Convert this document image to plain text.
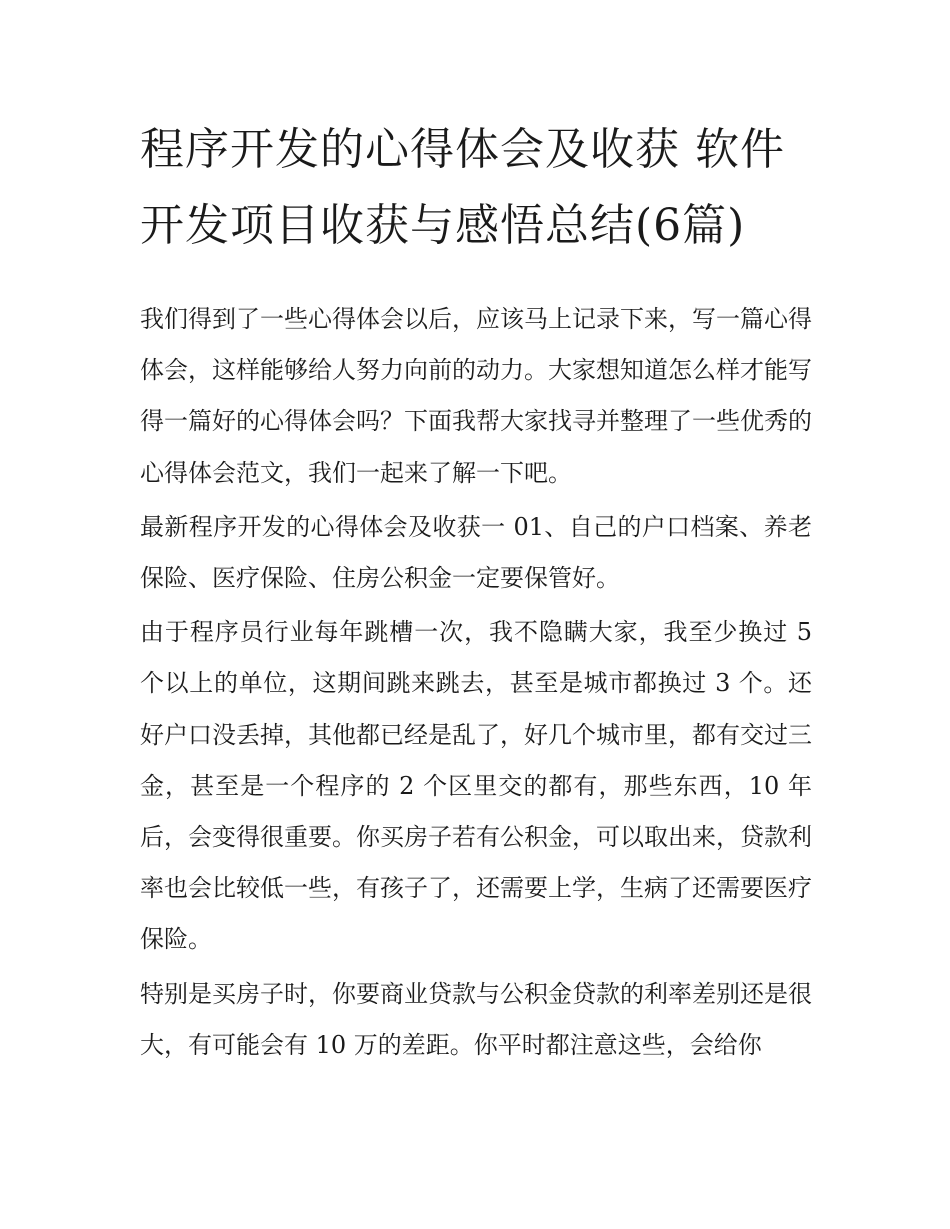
程序开发的心得体会及收获 软件开发项目收获与感悟总结(6篇)

我们得到了一些心得体会以后，应该马上记录下来，写一篇心得体会，这样能够给人努力向前的动力。大家想知道怎么样才能写得一篇好的心得体会吗？下面我帮大家找寻并整理了一些优秀的心得体会范文，我们一起来了解一下吧。

最新程序开发的心得体会及收获一 01、自己的户口档案、养老保险、医疗保险、住房公积金一定要保管好。

由于程序员行业每年跳槽一次，我不隐瞒大家，我至少换过 5 个以上的单位，这期间跳来跳去，甚至是城市都换过 3 个。还好户口没丢掉，其他都已经是乱了，好几个城市里，都有交过三金，甚至是一个程序的 2 个区里交的都有，那些东西，10 年后，会变得很重要。你买房子若有公积金，可以取出来，贷款利率也会比较低一些，有孩子了，还需要上学，生病了还需要医疗保险。

特别是买房子时，你要商业贷款与公积金贷款的利率差别还是很大，有可能会有 10 万的差距。你平时都注意这些，会给你
